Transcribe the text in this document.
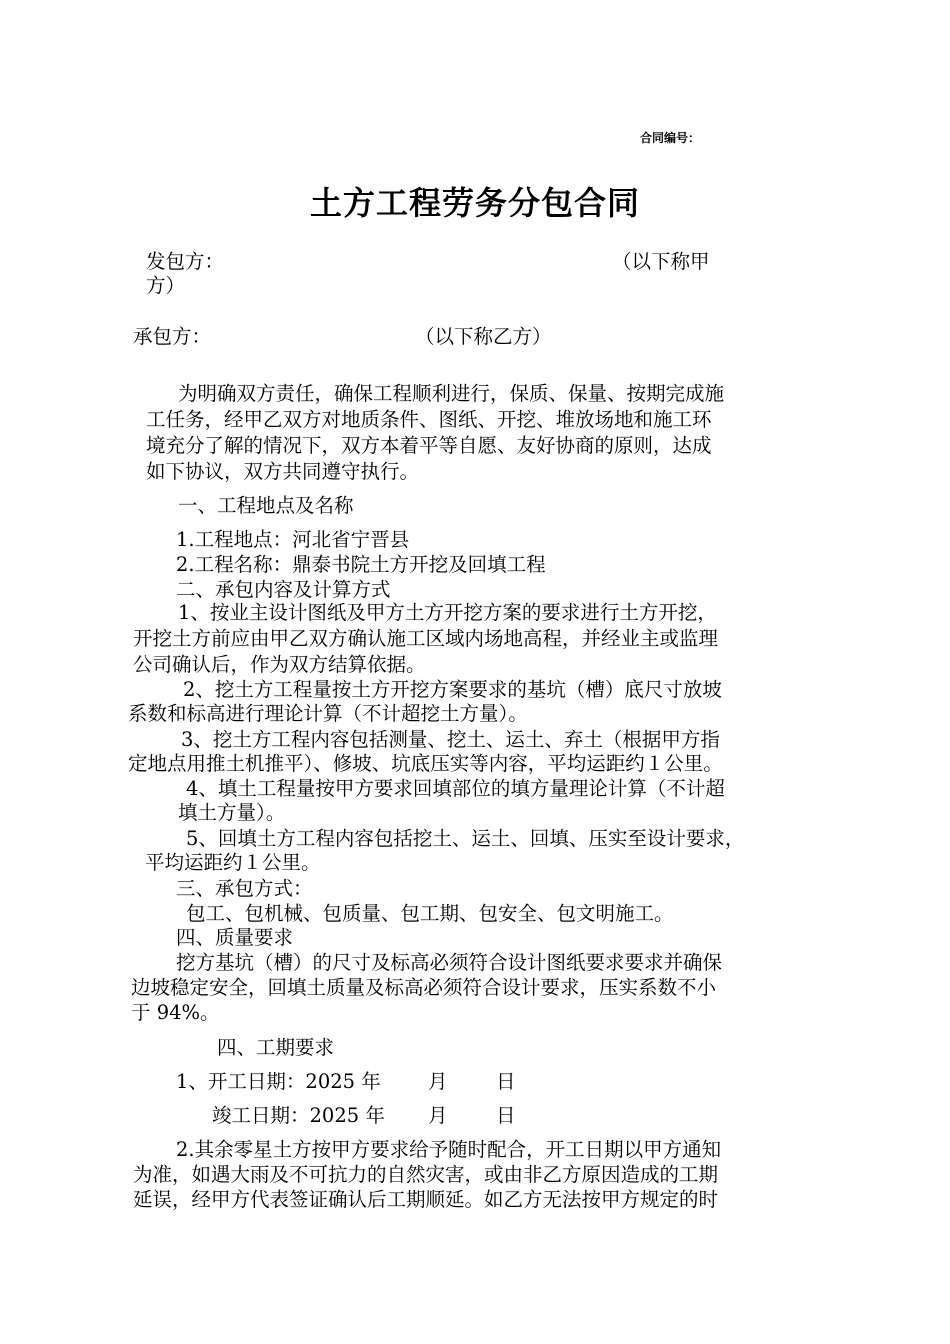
合同编号：
土方工程劳务分包合同
发包方：	（以下称甲
方）
承包方：	（以下称乙方）
为明确双方责任，确保工程顺利进行，保质、保量、按期完成施
工任务，经甲乙双方对地质条件、图纸、开挖、堆放场地和施工环
境充分了解的情况下，双方本着平等自愿、友好协商的原则，达成
如下协议，双方共同遵守执行。
一、工程地点及名称
1.工程地点：河北省宁晋县
2.工程名称：鼎泰书院土方开挖及回填工程
二、承包内容及计算方式
1、按业主设计图纸及甲方土方开挖方案的要求进行土方开挖，
开挖土方前应由甲乙双方确认施工区域内场地高程，并经业主或监理
公司确认后，作为双方结算依据。
2、挖土方工程量按土方开挖方案要求的基坑（槽）底尺寸放坡
系数和标高进行理论计算（不计超挖土方量）。
3、挖土方工程内容包括测量、挖土、运土、弃土（根据甲方指
定地点用推土机推平）、修坡、坑底压实等内容，平均运距约１公里。
4、填土工程量按甲方要求回填部位的填方量理论计算（不计超
填土方量）。
5、回填土方工程内容包括挖土、运土、回填、压实至设计要求，
平均运距约１公里。
三、承包方式：
包工、包机械、包质量、包工期、包安全、包文明施工。
四、质量要求
挖方基坑（槽）的尺寸及标高必须符合设计图纸要求要求并确保
边坡稳定安全，回填土质量及标高必须符合设计要求，压实系数不小
于 94%。
四、工期要求
1、开工日期：2025 年 月 日
竣工日期：2025 年 月 日
2.其余零星土方按甲方要求给予随时配合，开工日期以甲方通知
为准，如遇大雨及不可抗力的自然灾害，或由非乙方原因造成的工期
延误，经甲方代表签证确认后工期顺延。如乙方无法按甲方规定的时
